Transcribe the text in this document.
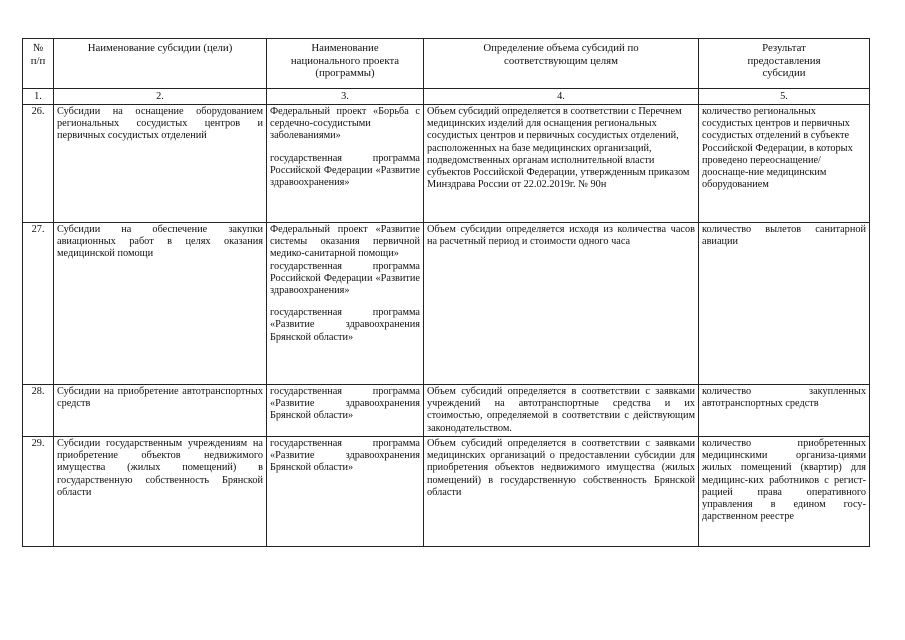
№
п/п	Наименование субсидии (цели)	Наименование
национального проекта
(программы)	Определение объема субсидий по
соответствующим целям	Результат
предоставления
субсидии

1.	2.	3.	4.	5.
26.	Субсидии на оснащение оборудованием региональных сосудистых центров и первичных сосудистых отделений	Федеральный проект «Борьба с сердечно-сосудистыми заболеваниями»
государственная программа Российской Федерации «Развитие здравоохранения»	Объем субсидий определяется в соответствии с Перечнем медицинских изделий для оснащения региональных сосудистых центров и первичных сосудистых отделений, расположенных на базе медицинских организаций, подведомственных органам исполнительной власти субъектов Российской Федерации, утвержденным приказом Минздрава России от 22.02.2019г. № 90н	количество региональных сосудистых центров и первичных сосудистых отделений в субъекте Российской Федерации, в которых проведено переоснащение/дооснаще-ние медицинским оборудованием
27.	Субсидии на обеспечение закупки авиационных работ в целях оказания медицинской помощи	Федеральный проект «Развитие системы оказания первичной медико-санитарной помощи»
государственная программа Российской Федерации «Развитие здравоохранения»
государственная программа «Развитие здравоохранения Брянской области»	Объем субсидии определяется исходя из количества часов на расчетный период и стоимости одного часа	количество вылетов санитарной авиации
28.	Субсидии на приобретение автотранспортных средств	государственная программа «Развитие здравоохранения Брянской области»	Объем субсидий определяется в соответствии с заявками учреждений на автотранспортные средства и их стоимостью, определяемой в соответствии с действующим законодательством.	количество закупленных автотранспортных средств
29.	Субсидии государственным учреждениям на приобретение объектов недвижимого имущества (жилых помещений) в государственную собственность Брянской области	государственная программа «Развитие здравоохранения Брянской области»	Объем субсидий определяется в соответствии с заявками медицинских организаций о предоставлении субсидии для приобретения объектов недвижимого имущества (жилых помещений) в государственную собственность Брянской области	количество приобретенных медицинскими организа-циями жилых помещений (квартир) для медицинс-ких работников с регист-рацией права оперативного управления в едином госу-дарственном реестре
